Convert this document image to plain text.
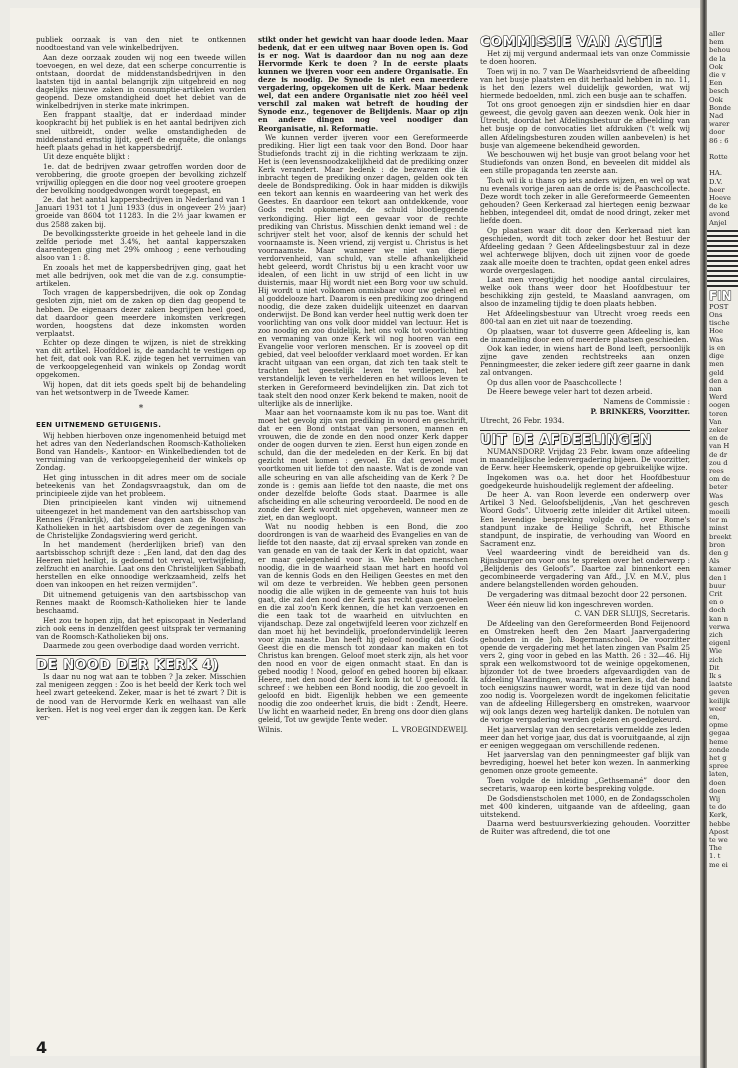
publiek oorzaak is van den niet te ontkennen noodtoestand van vele winkelbedrijven.

Aan deze oorzaak zouden wij nog een tweede willen toevoegen, en wel deze, dat een scherpe concurrentie is ontstaan, doordat de middenstandsbedrijven in den laatsten tijd in aantal belangrijk zijn uitgebreid en nog dagelijks nieuwe zaken in consumptie-artikelen worden geopend. Deze omstandigheid doet het debiet van de winkelbedrijven in sterke mate inkrimpen.

Een frappant staaltje, dat er inderdaad minder koopkracht bij het publiek is en het aantal bedrijven zich snel uitbreidt, onder welke omstandigheden de middenstand ernstig lijdt, geeft de enquête, die onlangs heeft plaats gehad in het kappersbedrijf.

Uit deze enquête blijkt :

1e. dat de bedrijven zwaar getroffen worden door de verobbering, die groote groepen der bevolking zichzelf vrijwillig opleggen en die door nog veel grootere groepen der bevolking noodgedwongen wordt toegepast, en

2e. dat het aantal kappersbedrijven in Nederland van 1 Januari 1931 tot 1 Juni 1933 (dus in ongeveer 2½ jaar) groeide van 8604 tot 11283. In die 2½ jaar kwamen er dus 2588 zaken bij.

De bevolkingssterkte groeide in het geheele land in die zelfde periode met 3.4%, het aantal kapperszaken daarentegen ging met 29% omhoog ; eene verhouding alsoo van 1 : 8.

En zooals het met de kappersbedrijven ging, gaat het met alle bedrijven, ook met die van de z.g. consumptie-artikelen.

Toch vragen de kappersbedrijven, die ook op Zondag gesloten zijn, niet om de zaken op dien dag geopend te hebben. De eigenaars dezer zaken begrijpen heel goed, dat daardoor geen meerdere inkomsten verkregen worden, hoogstens dat deze inkomsten worden verplaatst.

Echter op deze dingen te wijzen, is niet de strekking van dit artikel. Hoofddoel is, de aandacht te vestigen op het feit, dat ook van R.K. zijde tegen het verruimen van de verkoopgelegenheid van winkels op Zondag wordt opgekomen.

Wij hopen, dat dit iets goeds spelt bij de behandeling van het wetsontwerp in de Tweede Kamer.

*
EEN UITNEMEND GETUIGENIS.

Wij hebben hierboven onze ingenomenheid betuigd met het adres van den Nederlandschen Roomsch-Katholieken Bond van Handels-, Kantoor- en Winkelbedienden tot de verruiming van de verkoopgelegenheid der winkels op Zondag.

Het ging intusschen in dit adres meer om de sociale beteekenis van het Zondagsvraagstuk, dan om de principieele zijde van het probleem.

Dien principieelen kant vinden wij uitnemend uiteengezet in het mandement van den aartsbisschop van Rennes (Frankrijk), dat deser dagen aan de Roomsch-Katholieken in het aartsbisdom over de zegeningen van de Christelijke Zondagsviering werd gericht.

In het mandement (herderlijken brief) van den aartsbisschop schrijft deze : „Een land, dat den dag des Heeren niet heiligt, is gedoemd tot verval, vertwijfeling, zelfzucht en anarchie. Laat ons den Christelijken Sabbath herstellen en elke onnoodige werkzaamheid, zelfs het doen van inkoopen en het reizen vermijden”.

Dit uitnemend getuigenis van den aartsbisschop van Rennes maakt de Roomsch-Katholieken hier te lande beschaamd.

Het zou te hopen zijn, dat het episcopaat in Nederland zich ook eens in denzelfden geest uitsprak ter vermaning van de Roomsch-Katholieken bij ons.

Daarmede zou geen overbodige daad worden verricht.

DE NOOD DER KERK 4)

Is daar nu nog wat aan te tobben ? Ja zeker. Misschien zal menigeen zeggen : Zoo is het beeld der Kerk toch wel heel zwart geteekend. Zeker, maar is het té zwart ? Dit is de nood van de Hervormde Kerk en welhaast van alle kerken. Het is nog veel erger dan ik zeggen kan. De Kerk ver-

stikt onder het gewicht van haar doode leden. Maar bedenk, dat er een uitweg naar Boven open is. God is er nog. Wat is daardoor dan nu nog aan deze Hervormde Kerk te doen ? In de eerste plaats kunnen we ijveren voor een andere Organisatie. En deze is noodig. De Synode is niet een meerdere vergadering, opgekomen uit de Kerk. Maar bedenk wel, dat een andere Organisatie niet zoo héél veel verschil zal maken wat betreft de houding der Synode enz., tegenover de Belijdenis. Maar op zijn en andere dingen nog veel noodiger dan Reorganisatie, nl. Reformatie.

We kunnen verder ijveren voor een Gereformeerde prediking. Hier ligt een taak voor den Bond. Door haar Studiefonds tracht zij in die richting werkzaam te zijn. Het is (een levensnoodzakelijkheid dat de prediking onzer Kerk verandert. Maar bedenk : de bezwaren die ik inbracht tegen de prediking onzer dagen, gelden ook ten deele de Bondsprediking. Ook in haar midden is dikwijls een tekort aan kennis en waardeering van het werk des Geestes. En daardoor een tekort aan ontdekkende, voor Gods recht opkomende, de schuld blootleggende verkondiging. Hier ligt een gevaar voor de rechte prediking van Christus. Misschien denkt iemand wel : de schrijver stelt het voor, alsof de kennis der schuld het voornaamste is. Neen vriend, zij vergist u. Christus is het voornaamste. Maar wanneer we niet van diepe verdorvenheid, van schuld, van stelle afhankelijkheid hebt geleerd, wordt Christus bij u een kracht voor uw idealen, of een licht in uw strijd of een licht in uw duisternis, maar Hij wordt niet een Borg voor uw schuld. Hij wordt u niet volkomen onmisbaar voor uw geheel en al goddelooze hart. Daarom is een prediking zoo dringend noodig, die deze zaken duidelijk uiteenzet en daarvan onderwijst. De Bond kan verder heel nuttig werk doen ter voorlichting van ons volk door middel van lectuur. Het is zoo noodig en zoo duidelijk, het ons volk tot voorlichting en vermaning van onze Kerk wil nog hooren van een Evangelie voor verloren menschen. Er is zooveel op dit gebied, dat veel beloofder verklaard moet worden. Er kan kracht uitgaan van een organ, dat zich ten taak stelt te trachten het geestelijk leven te verdiepen, het verstandelijk leven te verhelderen en het willoos leven te sterken in Gereformeerd bevindelijken zin. Dat zich tot taak stelt den nood onzer Kerk bekend te maken, nooit de ulterlijke als de innerlijke.

Maar aan het voornaamste kom ik nu pas toe. Want dit moet het gevolg zijn van prediking in woord en geschrift, dat er een Bond ontstaat van personen, mannen en vrouwen, die de zonde en den nood onzer Kerk dapper onder de oogen durven te zien. Eerst hun eigen zonde en schuld, dan die der medeleden en der Kerk. En bij dat gezicht moet komen : gevoel. En dat gevoel moet voortkomen uit liefde tot den naaste. Wat is de zonde van alle scheuring en van alle afscheiding van de Kerk ? De zonde is : gemis aan liefde tot den naaste, die met ons onder dezelfde belofte Gods staat. Daarmee is alle afscheiding en alle scheuring veroordeeld. De nood en de zonde der Kerk wordt niet opgeheven, wanneer men ze ziet, en dan wegloopt.

Wat nu noodig hebben is een Bond, die zoo doordrongen is van de waarheid des Evangelies en van de liefde tot den naaste, dat zij ervaal spreken van zonde en van genade en van de taak der Kerk in dat opzicht, waar er maar gelegenheid voor is. We hebben menschen noodig, die in de waarheid staan met hart en hoofd vol van de kennis Gods en den Heiligen Geestes en met den wil om deze te verbreiden. We hebben geen personen noodig die alle wijken in de gemeente van huis tot huis gaat, die zal den nood der Kerk pas recht gaan gevoelen en die zal zoo'n Kerk kennen, die het kan verzoenen en die een taak tot de waarheid en uitvluchten en vijandschap. Deze zal ongetwijfeld leeren voor zichzelf en dan moet hij het bevindelijk, proefondervindelijk leeren voor zijn naaste. Dan heeft hij geloof noodig dat Gods Geest die en die mensch tot zondaar kan maken en tot Christus kan brengen. Geloof moet sterk zijn, als het voor den nood en voor de eigen onmacht staat. En dan is gebed noodig ! Nood, geloof en gebed hooren bij elkaar. Heere, met den nood der Kerk kom ik tot U geeloofd. Ik schreef : we hebben een Bond noodig, die zoo gevoelt in geloofd en bidt. Eigenlijk hebben we een gemeente noodig die zoo ondeerhet kruis, die bidt : Zendt, Heere. Uw licht en waarheid neder, En breng ons door dien glans geleid, Tot uw gewijde Tente weder.

Wilnis.	L. VROEGINDEWEIJ.

COMMISSIE VAN ACTIE

Het zij mij vergund andermaal iets van onze Commissie te doen hooren.

Toen wij in no. 7 van De Waarheidsvriend de afbeelding van het busje plaatsten en dit herhaald hebben in no. 11, is het den lezers wel duidelijk geworden, wat wij hiermede bedoelden, nml. zich een busje aan te schaffen.

Tot ons groot genoegen zijn er sindsdien hier en daar geweest, die gevolg gaven aan deezen wenk. Ook hier in Utrecht, doordat het Afdelingsbestuur de afbeelding van het busje op de convocaties liet afdrukken (’t welk wij allen Afdelingsbesturen zouden willen aanbevelen) is het busje van algemeene bekendheid geworden.

We beschouwen wij het busje van groot belang voor het Studiefonds van onzen Bond, en beveelen dit middel als een stille propaganda ten zeerste aan.

Toch wil ik u thans op iets anders wijzen, en wel op wat nu evenals vorige jaren aan de orde is: de Paaschcollecte. Deze wordt toch zeker in alle Gereformeerde Gemeenten gehouden? Geen Kerkeraad zal hiertegen eenig bezwaar hebben, integendeel dit, omdat de nood dringt, zeker met liefde doen.

Op plaatsen waar dit door den Kerkeraad niet kan geschieden, wordt dit toch zeker door het Bestuur der Afdeeling gedaan ? Geen Afdeelingsbestuur zal in deze wel achterwege blijven, doch uit zijnen voor de goede zaak alle moeite doen te trachten, opdat geen enkel adres worde overgeslagen.

Laat men vroegtijdig het noodige aantal circulaires, welke ook thans weer door het Hoofdbestuur ter beschikking zijn gesteld, te Maasland aanvragen, om alsoo de inzameling tijdig te doen plaats hebben.

Het Afdeelingsbestuur van Utrecht vroeg reeds een 800-tal aan en ziet uit naar de toezending.

Op plaatsen, waar tot dusverre geen Afdeeling is, kan de inzameling door een of meerdere plaatsen geschieden.

Ook kan ieder, in wiens hart de Bond leeft, persoonlijk zijne gave zenden rechtstreeks aan onzen Penningmeester, die zeker iedere gift zeer gaarne in dank zal ontvangen.

Op dus allen voor de Paaschcollecte !

De Heere bewege veler hart tot dezen arbeid.

Namens de Commissie :

P. BRINKERS, Voorzitter.

Utrecht, 26 Febr. 1934.

UIT DE AFDEELINGEN

NUMANSDORP. Vrijdag 23 Febr. kwam onze afdeeling in maandelijksche ledenvergadering bijeen. De voorzitter, de Eerw. heer Heemskerk, opende op gebruikelijke wijze.

Ingekomen was o.a. het door het Hoofdbestuur goedgekeurde huishoudelijk reglement der afdeeling.

De heer A. van Roon leverde een onderwerp over Artikel 3 Ned. Geloofsbelijdenis, „Van het geschreven Woord Gods”. Uitvoerig zette inleider dit Artikel uiteen. Een levendige bespreking volgde o.a. over Rome's standpunt inzake de Heilige Schrift, het Ethische standpunt, de inspiratie, de verhouding van Woord en Sacrament enz.

Veel waardeering vindt de bereidheid van ds. Rijnsburger om voor ons te spreken over het onderwerp : „Belijdenis des Geloofs”. Daartoe zal binnenkort een gecombineerde vergadering van Afd., J.V. en M.V., plus andere belangstellenden worden gehouden.

De vergadering was ditmaal bezocht door 22 personen.

Weer één nieuw lid kon ingeschreven worden.

C. VAN DER SLUIJS, Secretaris.

De Afdeeling van den Gereformeerden Bond Feijenoord en Omstreken heeft den 2en Maart Jaarvergadering gehouden in de Joh. Bogermanschool. De voorzitter opende de vergadering met het laten zingen van Psalm 25 vers 2, ging voor in gebed en las Matth. 26 : 32—46. Hij sprak een welkomstwoord tot de weinige opgekomenen, bijzonder tot de twee broeders afgevaardigden van de afdeeling Vlaardingen, waarna te merken is, dat de band toch eenigszins nauwer wordt, wat in deze tijd van nood zoo nodig is. Voorgelezen wordt de ingekomen felicitatie van de afdeeling Hillegersberg en omstreken, waarvoor wij ook langs dezen weg hartelijk danken. De notulen van de vorige vergadering werden gelezen en goedgekeurd.

Het jaarverslag van den secretaris vermeldde zes leden meer dan het vorige jaar, dus dat is vooruitgaande, al zijn er eenigen weggegaan om verschillende redenen.

Het jaarverslag van den penningmeester gaf blijk van bevrediging, hoewel het beter kon wezen. In aanmerking genomen onze groote gemeente.

Toen volgde de inleiding „Gethsemané” door den secretaris, waarop een korte bespreking volgde.

De Godsdienstscholen met 1000, en de Zondagsscholen met 400 kinderen, uitgaande van de afdeeling, gaan uitstekend.

Daarna werd bestuursverkiezing gehouden. Voorzitter de Ruiter was aftredend, die tot one

4
aller
hem
behou
de la
Ook
die v
Een
besch
Ook
Bonde
Nad
warer
door
86 : 6

Rotte

HA.
D.V.
heer
Hoeve
de ke
avond
Anjel
FIN
POST
Ons
tische
Hoe
Was
is en
dige
men
geld
den a
nan
Werd
oogen
toren
Van
zeker
en de
van H
de dr
zou d
rees
om de
beter
Was
gesch
moeili
ter m
minst
breekt
bron
den g
Als
kamer
den l
buur
Crit
en o
doch
kan n
verwa
zich
eigenl
Wie
zich
Dit
Ik s
laatste
geven
keilijk
weer
en,
opme
gegaa
heme
zonde
het g
spree
laten,
doen
doen
Wij
te do
Kerk,
hebbe
Apost
te we
The
1. t
me ei
